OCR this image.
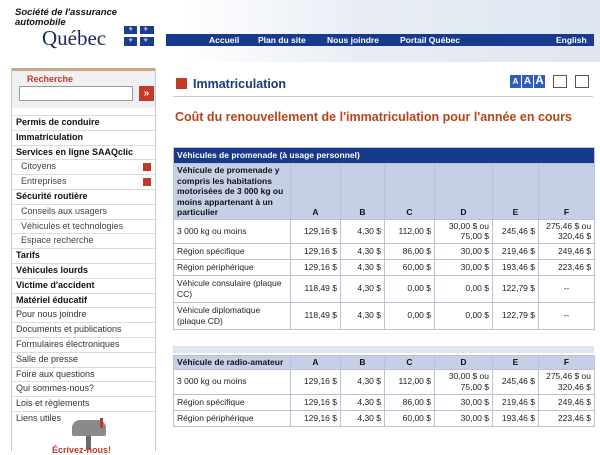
Société de l'assurance
automobile
Québec	⚜ ⚜
⚜ ⚜	Accueil Plan du site	Nous joindre Portail Québec	English
Recherche
»
Permis de conduire
Immatriculation
Services en ligne SAAQclic
Citoyens
Entreprises
Sécurité routière
Conseils aux usagers
Véhicules et technologies
Espace recherche
Tarifs
Véhicules lourds
Victime d'accident
Matériel éducatif
Pour nous joindre
Documents et publications
Formulaires électroniques
Salle de presse
Foire aux questions
Qui sommes-nous?
Lois et règlements
Liens utiles
Écrivez-nous!
Immatriculation	A A A
Coût du renouvellement de l'immatriculation pour l'année en cours
Véhicules de promenade (à usage personnel)						
Véhicule de promenade y compris les habitations motorisées de 3 000 kg ou moins appartenant à un particulier	A	B	C	D	E	F
3 000 kg ou moins	129,16 $	4,30 $	112,00 $	30,00 $ ou 75,00 $	245,46 $	275,46 $ ou 320,46 $
Région spécifique	129,16 $	4,30 $	86,00 $	30,00 $	219,46 $	249,46 $
Région périphérique	129,16 $	4,30 $	60,00 $	30,00 $	193,46 $	223,46 $
Véhicule consulaire (plaque CC)	118,49 $	4,30 $	0,00 $	0,00 $	122,79 $	--
Véhicule diplomatique (plaque CD)	118,49 $	4,30 $	0,00 $	0,00 $	122,79 $	--
Véhicule de radio-amateur	A	B	C	D	E	F
3 000 kg ou moins	129,16 $	4,30 $	112,00 $	30,00 $ ou 75,00 $	245,46 $	275,46 $ ou 320,46 $
Région spécifique	129,16 $	4,30 $	86,00 $	30,00 $	219,46 $	249,46 $
Région périphérique	129,16 $	4,30 $	60,00 $	30,00 $	193,46 $	223,46 $
